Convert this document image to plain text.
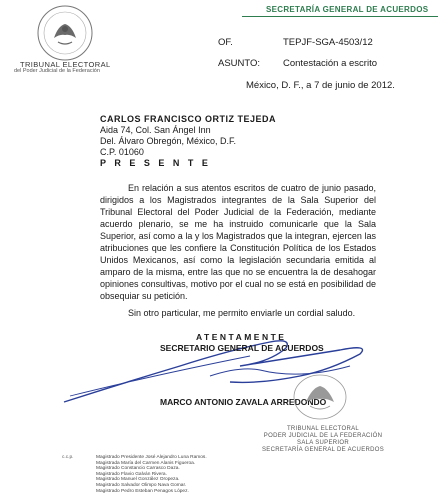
TRIBUNAL ELECTORAL
del Poder Judicial de la Federación
SECRETARÍA GENERAL DE ACUERDOS
OF.	TEPJF-SGA-4503/12
ASUNTO: Contestación a escrito
México, D. F., a 7 de junio de 2012.
CARLOS FRANCISCO ORTIZ TEJEDA
Aida 74, Col. San Ángel Inn
Del. Álvaro Obregón, México, D.F.
C.P. 01060
P R E S E N T E
En relación a sus atentos escritos de cuatro de junio pasado, dirigidos a los Magistrados integrantes de la Sala Superior del Tribunal Electoral del Poder Judicial de la Federación, mediante acuerdo plenario, se me ha instruido comunicarle que la Sala Superior, así como a la y los Magistrados que la integran, ejercen las atribuciones que les confiere la Constitución Política de los Estados Unidos Mexicanos, así como la legislación secundaria emitida al amparo de la misma, entre las que no se encuentra la de desahogar opiniones consultivas, motivo por el cual no se está en posibilidad de obsequiar su petición.
Sin otro particular, me permito enviarle un cordial saludo.
ATENTAMENTE
SECRETARIO GENERAL DE ACUERDOS
MARCO ANTONIO ZAVALA ARREDONDO
TRIBUNAL ELECTORAL
PODER JUDICIAL DE LA FEDERACIÓN
SALA SUPERIOR
SECRETARÍA GENERAL DE ACUERDOS
c.c.p.	Magistrado Presidente José Alejandro Luna Ramos.
Magistrada María del Carmen Alanis Figueroa.
Magistrado Constancio Carrasco Daza.
Magistrado Flavio Galván Rivera.
Magistrado Manuel González Oropeza.
Magistrado Salvador Olimpo Nava Gomar.
Magistrado Pedro Esteban Penagos López.
